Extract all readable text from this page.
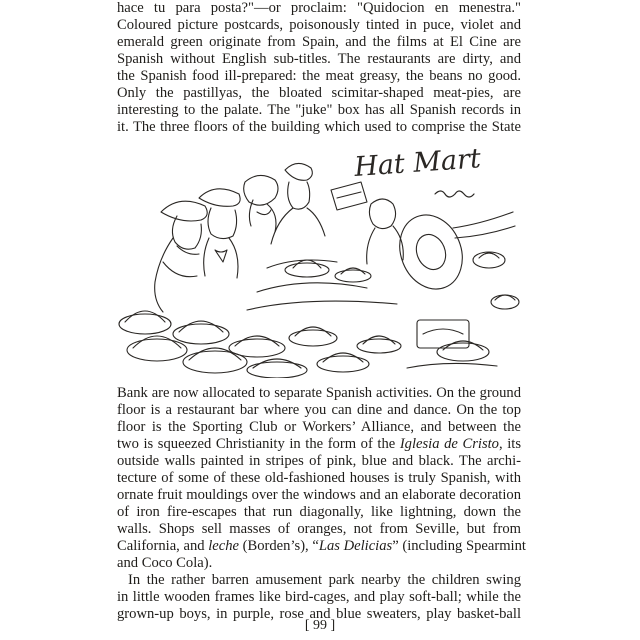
hace tu para posta?"—or proclaim: "Quidocion en menestra."
Coloured picture postcards, poisonously tinted in puce, violet and
emerald green originate from Spain, and the films at El Cine are
Spanish without English sub-titles. The restaurants are dirty, and
the Spanish food ill-prepared: the meat greasy, the beans no good.
Only the pastillyas, the bloated scimitar-shaped meat-pies, are
interesting to the palate. The "juke" box has all Spanish records in
it. The three floors of the building which used to comprise the State
Hat Mart
Bank are now allocated to separate Spanish activities. On the ground
floor is a restaurant bar where you can dine and dance. On the top
floor is the Sporting Club or Workers’ Alliance, and between the
two is squeezed Christianity in the form of the Iglesia de Cristo, its
outside walls painted in stripes of pink, blue and black. The archi-
tecture of some of these old-fashioned houses is truly Spanish, with
ornate fruit mouldings over the windows and an elaborate decoration
of iron fire-escapes that run diagonally, like lightning, down the
walls. Shops sell masses of oranges, not from Seville, but from
California, and leche (Borden’s), “Las Delicias” (including Spearmint
and Coco Cola).
In the rather barren amusement park nearby the children swing
in little wooden frames like bird-cages, and play soft-ball; while the
grown-up boys, in purple, rose and blue sweaters, play basket-ball
[ 99 ]
